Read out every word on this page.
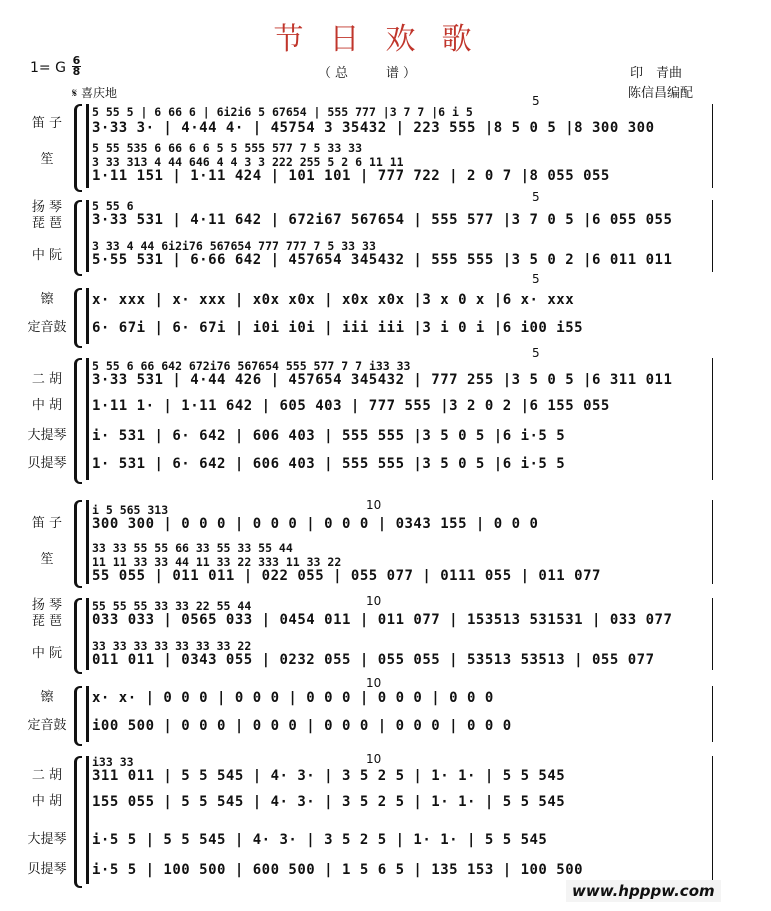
节日欢歌
（总　　谱）
1= G 6
8	印　青曲
陈信昌编配
𝄋 喜庆地
5
5
5
5
笛 子
笙
扬 琴
琵 琶
中 阮
镲
定音鼓
二 胡
中 胡
大提琴
贝提琴
5 55 5 | 6 66 6 | 6i2i6 5 67654 | 555 777 |3 7 7 |6 i 5
3·33 3· | 4·44 4· | 45754 3 35432 | 223 555 |8 5 0 5 |8 300 300
5 55 535 6 66 6 6 5 5 555 577 7 5 33 33
3 33 313 4 44 646 4 4 3 3 222 255 5 2 6 11 11
1·11 151 | 1·11 424 | 101 101 | 777 722 | 2 0 7 |8 055 055
5 55 6
3·33 531 | 4·11 642 | 672i67 567654 | 555 577 |3 7 0 5 |6 055 055
3 33 4 44 6i2i76 567654 777 777 7 5 33 33
5·55 531 | 6·66 642 | 457654 345432 | 555 555 |3 5 0 2 |6 011 011
x· xxx | x· xxx | x0x x0x | x0x x0x |3 x 0 x |6 x· xxx
6· 67i | 6· 67i | i0i i0i | iii iii |3 i 0 i |6 i00 i55
5 55 6 66 642 672i76 567654 555 577 7 7 i33 33
3·33 531 | 4·44 426 | 457654 345432 | 777 255 |3 5 0 5 |6 311 011
1·11 1· | 1·11 642 | 605 403 | 777 555 |3 2 0 2 |6 155 055
i· 531 | 6· 642 | 606 403 | 555 555 |3 5 0 5 |6 i·5 5
1· 531 | 6· 642 | 606 403 | 555 555 |3 5 0 5 |6 i·5 5
10
10
10
10
笛 子
笙
扬 琴
琵 琶
中 阮
镲
定音鼓
二 胡
中 胡
大提琴
贝提琴
i 5 565 313
300 300 | 0 0 0 | 0 0 0 | 0 0 0 | 0343 155 | 0 0 0
33 33 55 55 66 33 55 33 55 44
11 11 33 33 44 11 33 22 333 11 33 22
55 055 | 011 011 | 022 055 | 055 077 | 0111 055 | 011 077
55 55 55 33 33 22 55 44
033 033 | 0565 033 | 0454 011 | 011 077 | 153513 531531 | 033 077
33 33 33 33 33 33 33 22
011 011 | 0343 055 | 0232 055 | 055 055 | 53513 53513 | 055 077
x· x· | 0 0 0 | 0 0 0 | 0 0 0 | 0 0 0 | 0 0 0
i00 500 | 0 0 0 | 0 0 0 | 0 0 0 | 0 0 0 | 0 0 0
i33 33
311 011 | 5 5 545 | 4· 3· | 3 5 2 5 | 1· 1· | 5 5 545
155 055 | 5 5 545 | 4· 3· | 3 5 2 5 | 1· 1· | 5 5 545
i·5 5 | 5 5 545 | 4· 3· | 3 5 2 5 | 1· 1· | 5 5 545
i·5 5 | 100 500 | 600 500 | 1 5 6 5 | 135 153 | 100 500
www.hpppw.com
